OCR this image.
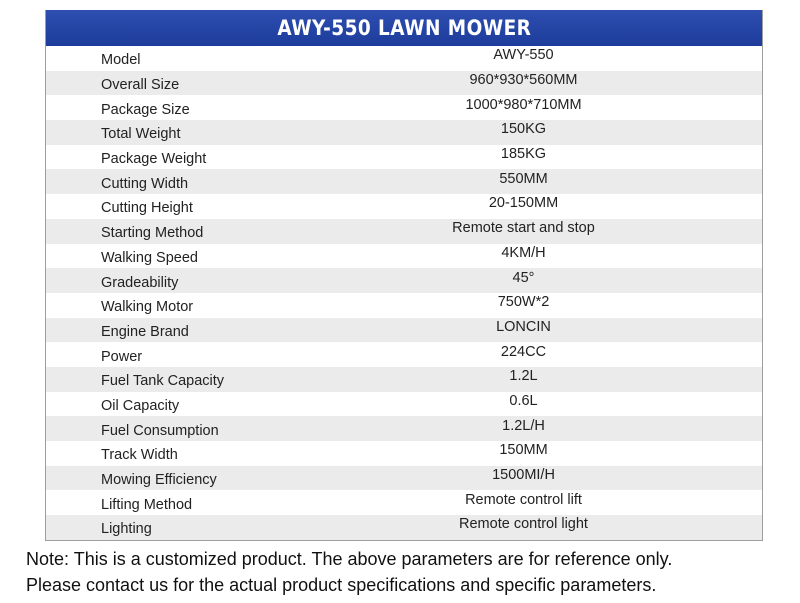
AWY-550 LAWN MOWER
Model	AWY-550
Overall Size	960*930*560MM
Package Size	1000*980*710MM
Total Weight	150KG
Package Weight	185KG
Cutting Width	550MM
Cutting Height	20-150MM
Starting Method	Remote start and stop
Walking Speed	4KM/H
Gradeability	45°
Walking Motor	750W*2
Engine Brand	LONCIN
Power	224CC
Fuel Tank Capacity	1.2L
Oil Capacity	0.6L
Fuel Consumption	1.2L/H
Track Width	150MM
Mowing Efficiency	1500MI/H
Lifting Method	Remote control lift
Lighting	Remote control light
Note: This is a customized product. The above parameters are for reference only.
Please contact us for the actual product specifications and specific parameters.
